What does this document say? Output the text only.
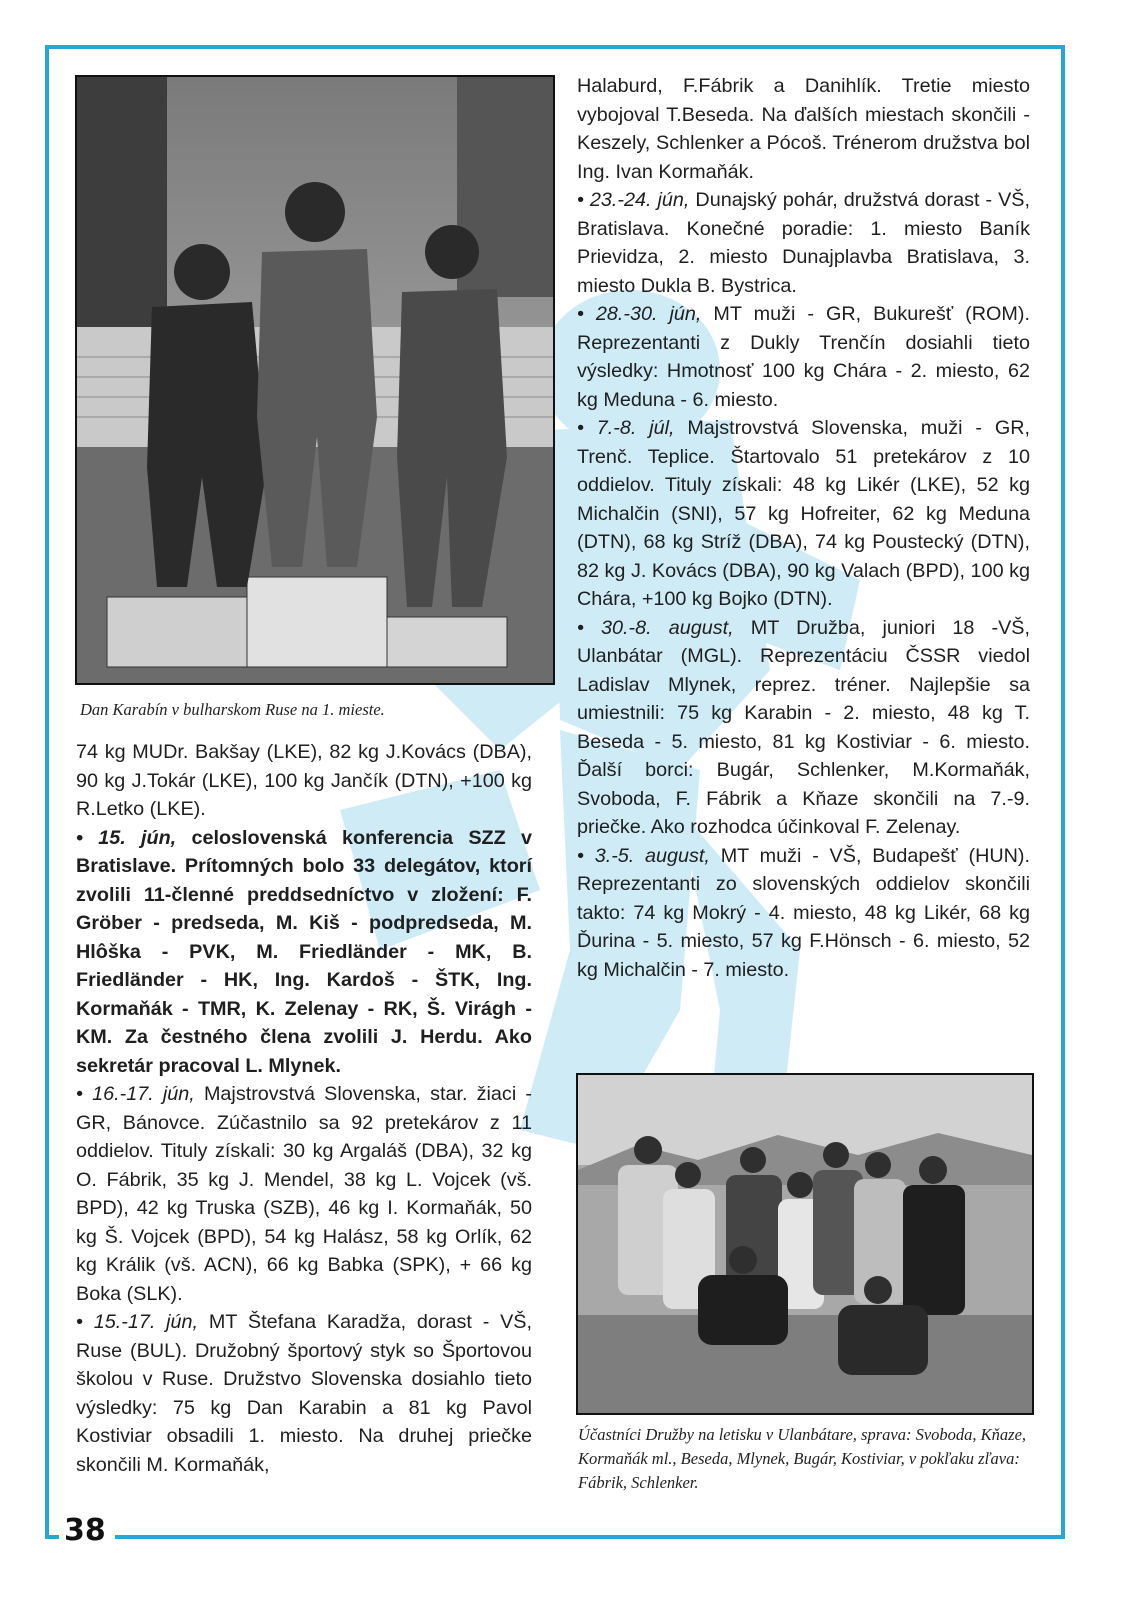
38
Dan Karabín v bulharskom Ruse na 1. mieste.
Účastníci Družby na letisku v Ulanbátare, sprava: Svoboda, Kňaze, Kormaňák ml., Beseda, Mlynek, Bugár, Kostiviar, v pokľaku zľava: Fábrik, Schlenker.

74 kg MUDr. Bakšay (LKE), 82 kg J.Kovács (DBA), 90 kg J.Tokár (LKE), 100 kg Jančík (DTN), +100 kg R.Letko (LKE).

• 15. jún, celoslovenská konferencia SZZ v Bratislave. Prítomných bolo 33 delegátov, ktorí zvolili 11-členné preddsedníctvo v zložení: F. Gröber - predseda, M. Kiš - podpredseda, M. Hlôška - PVK, M. Friedländer - MK, B. Friedländer - HK, Ing. Kardoš - ŠTK, Ing. Kormaňák - TMR, K. Zelenay - RK, Š. Virágh - KM. Za čestného člena zvolili J. Herdu. Ako sekretár pracoval L. Mlynek.

• 16.-17. jún, Majstrovstvá Slovenska, star. žiaci - GR, Bánovce. Zúčastnilo sa 92 pretekárov z 11 oddielov. Tituly získali: 30 kg Argaláš (DBA), 32 kg O. Fábrik, 35 kg J. Mendel, 38 kg L. Vojcek (vš. BPD), 42 kg Truska (SZB), 46 kg I. Kormaňák, 50 kg Š. Vojcek (BPD), 54 kg Halász, 58 kg Orlík, 62 kg Králik (vš. ACN), 66 kg Babka (SPK), + 66 kg Boka (SLK).

• 15.-17. jún, MT Štefana Karadža, dorast - VŠ, Ruse (BUL). Družobný športový styk so Športovou školou v Ruse. Družstvo Slovenska dosiahlo tieto výsledky: 75 kg Dan Karabin a 81 kg Pavol Kostiviar obsadili 1. miesto. Na druhej priečke skončili M. Kormaňák,

Halaburd, F.Fábrik a Danihlík. Tretie miesto vybojoval T.Beseda. Na ďalších miestach skončili - Keszely, Schlenker a Pócoš. Trénerom družstva bol Ing. Ivan Kormaňák.

• 23.-24. jún, Dunajský pohár, družstvá dorast - VŠ, Bratislava. Konečné poradie: 1. miesto Baník Prievidza, 2. miesto Dunajplavba Bratislava, 3. miesto Dukla B. Bystrica.

• 28.-30. jún, MT muži - GR, Bukurešť (ROM). Reprezentanti z Dukly Trenčín dosiahli tieto výsledky: Hmotnosť 100 kg Chára - 2. miesto, 62 kg Meduna - 6. miesto.

• 7.-8. júl, Majstrovstvá Slovenska, muži - GR, Trenč. Teplice. Štartovalo 51 pretekárov z 10 oddielov. Tituly získali: 48 kg Likér (LKE), 52 kg Michalčin (SNI), 57 kg Hofreiter, 62 kg Meduna (DTN), 68 kg Stríž (DBA), 74 kg Poustecký (DTN), 82 kg J. Kovács (DBA), 90 kg Valach (BPD), 100 kg Chára, +100 kg Bojko (DTN).

• 30.-8. august, MT Družba, juniori 18 -VŠ, Ulanbátar (MGL). Reprezentáciu ČSSR viedol Ladislav Mlynek, reprez. tréner. Najlepšie sa umiestnili: 75 kg Karabin - 2. miesto, 48 kg T. Beseda - 5. miesto, 81 kg Kostiviar - 6. miesto. Ďalší borci: Bugár, Schlenker, M.Kormaňák, Svoboda, F. Fábrik a Kňaze skončili na 7.-9. priečke. Ako rozhodca účinkoval F. Zelenay.

• 3.-5. august, MT muži - VŠ, Budapešť (HUN). Reprezentanti zo slovenských oddielov skončili takto: 74 kg Mokrý - 4. miesto, 48 kg Likér, 68 kg Ďurina - 5. miesto, 57 kg F.Hönsch - 6. miesto, 52 kg Michalčin - 7. miesto.
